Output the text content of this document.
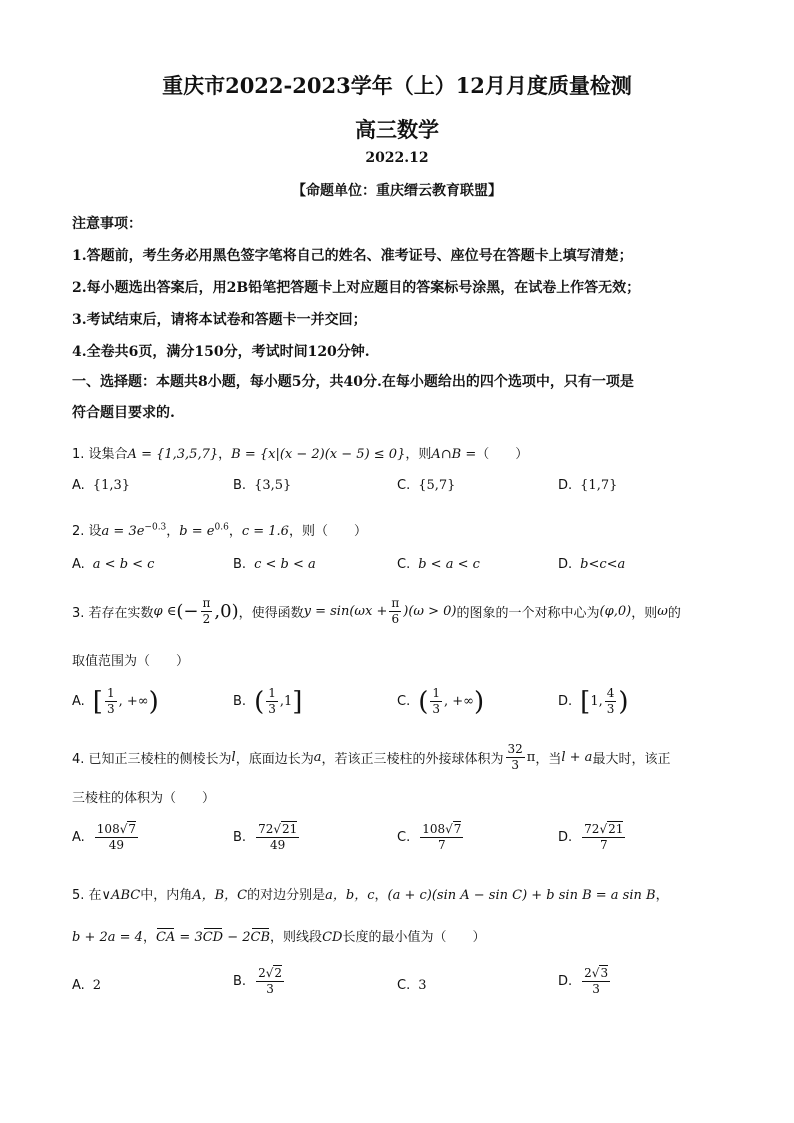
重庆市2022-2023学年（上）12月月度质量检测
高三数学
2022.12
【命题单位：重庆缙云教育联盟】
注意事项：
1.答题前，考生务必用黑色签字笔将自己的姓名、准考证号、座位号在答题卡上填写清楚；
2.每小题选出答案后，用2B铅笔把答题卡上对应题目的答案标号涂黑，在试卷上作答无效；
3.考试结束后，请将本试卷和答题卡一并交回；
4.全卷共6页，满分150分，考试时间120分钟.
一、选择题：本题共8小题，每小题5分，共40分.在每小题给出的四个选项中，只有一项是
符合题目要求的.
1. 设集合A = {1,3,5,7}，B = {x|(x − 2)(x − 5) ≤ 0}，则A∩B =（　　）
A. {1,3}	B. {3,5}	C. {5,7}	D. {1,7}
2. 设$a = 3e^{-0.3}$，$b = e^{0.6}$，c = 1.6，则（　　）
A. a < b < c	B. c < b < a	C. b < a < c	D. b<c<a
3. 若存在实数 φ ∈ (− $\frac{\pi}{2} ,0$) ，使得函数 $y = \sin(\omega x + \frac{\pi}{6}$ ) (ω > 0) 的图象的一个对称中心为 (φ,0) ，则 ω 的
取值范围为（　　）
A. [ $\frac{1}{3}$ , +∞ )	B. ( $\frac{1}{3} ,1$ ]	C. ( $\frac{1}{3}$ , +∞ )	D. [ 1, $\frac{4}{3}$ )
4. 已知正三棱柱的侧棱长为 l ，底面边长为 a ，若该正三棱柱的外接球体积为 $\frac{32}{3}$ π ，当 l + a 最大时，该正
三棱柱的体积为（　　）
A. $\frac{108√7}{49}$	B. $\frac{72√21}{49}$	C. $\frac{108√7}{7}$	D. $\frac{72√21}{7}$
5. 在∨ABC中，内角A，B，C的对边分别是a，b，c，(a + c)(sin A − sin C) + b sin B = a sin B，
b + 2a = 4，CA = 3CD − 2CB，则线段CD长度的最小值为（　　）
A. 2	B. $\frac{2√2}{3}$	C. 3	D. $\frac{2√3}{3}$
